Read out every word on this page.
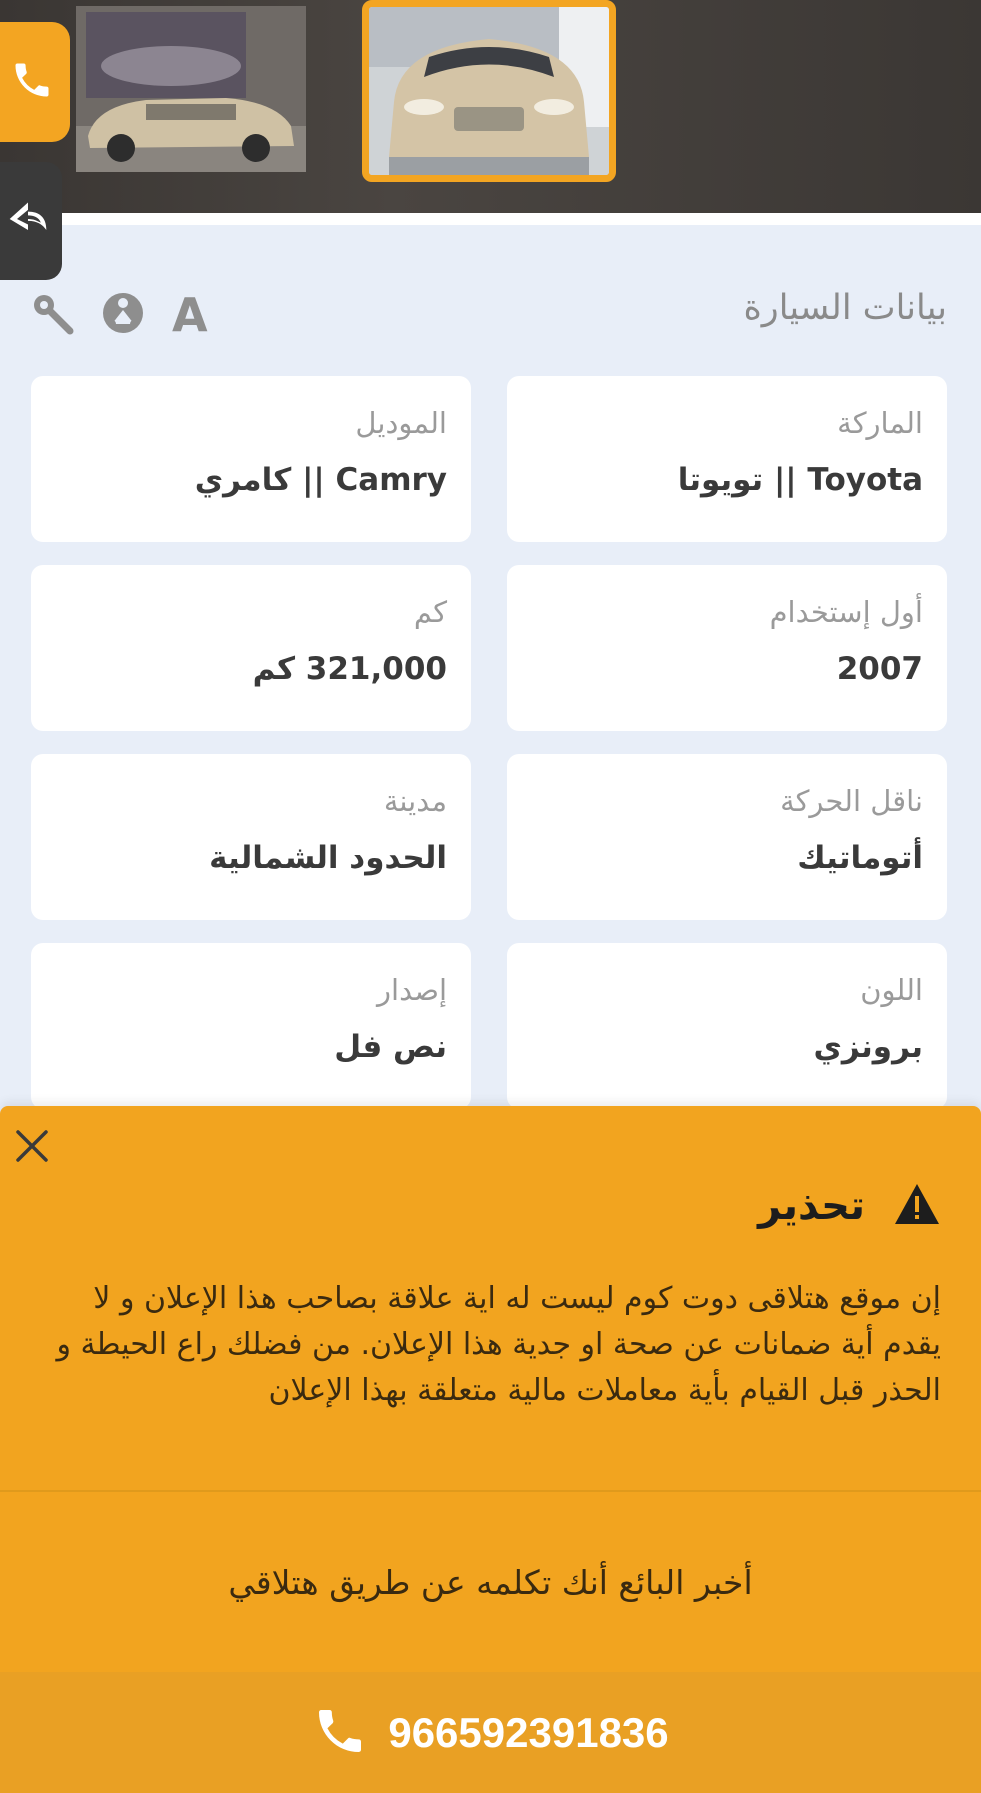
بيانات السيارة
A
الماركة
Toyota || تويوتا
الموديل
Camry || كامري
أول إستخدام
2007
كم
321,000 كم
ناقل الحركة
أتوماتيك
مدينة
الحدود الشمالية
اللون
برونزي
إصدار
نص فل
تحذير
إن موقع هتلاقى دوت كوم ليست له اية علاقة بصاحب هذا الإعلان و لا يقدم أية ضمانات عن صحة او جدية هذا الإعلان. من فضلك راع الحيطة و الحذر قبل القيام بأية معاملات مالية متعلقة بهذا الإعلان
أخبر البائع أنك تكلمه عن طريق هتلاقي
966592391836
